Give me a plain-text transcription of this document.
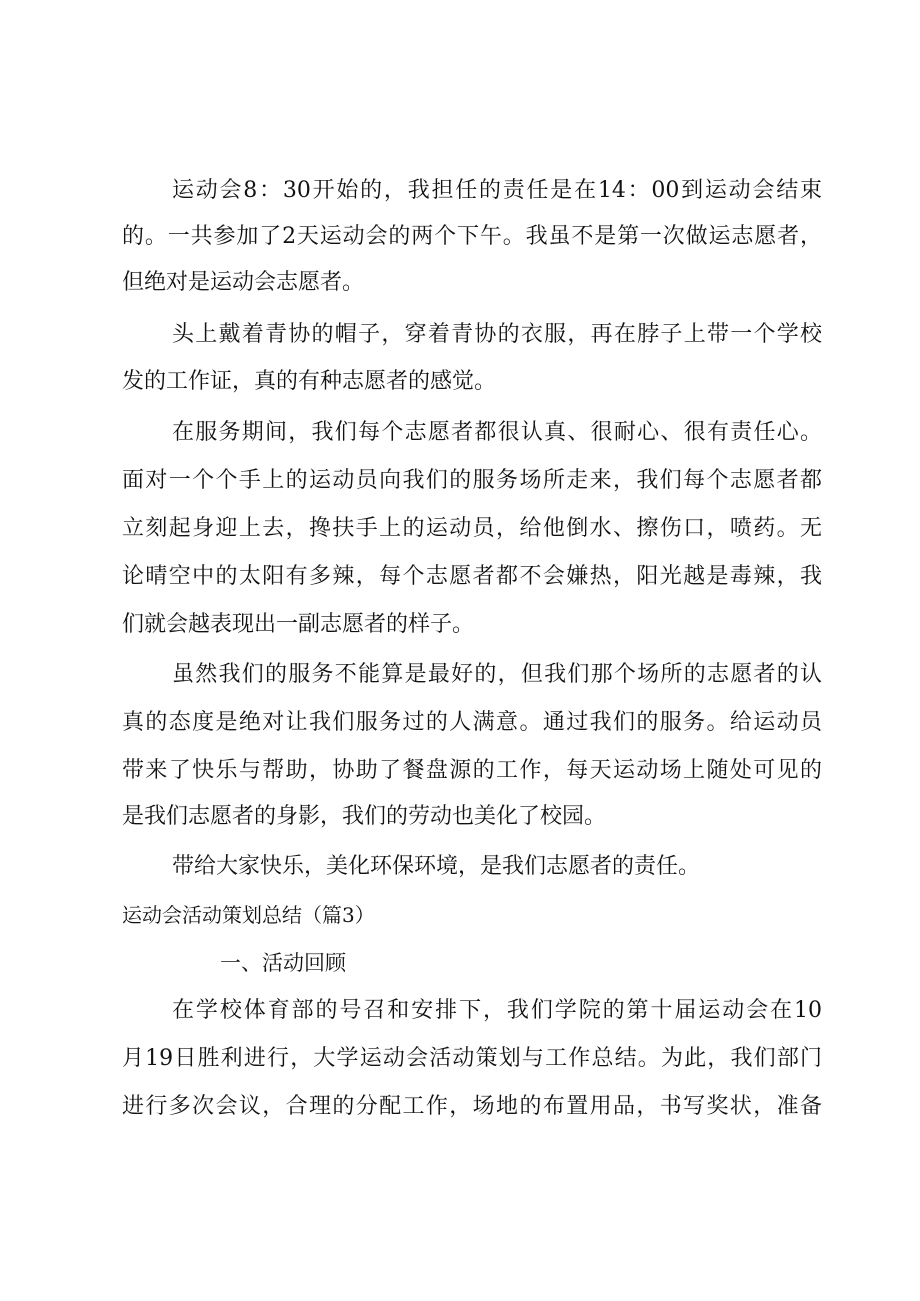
运动会8：30开始的，我担任的责任是在14：00到运动会结束
的。一共参加了2天运动会的两个下午。我虽不是第一次做运志愿者，
但绝对是运动会志愿者。
头上戴着青协的帽子，穿着青协的衣服，再在脖子上带一个学校
发的工作证，真的有种志愿者的感觉。
在服务期间，我们每个志愿者都很认真、很耐心、很有责任心。
面对一个个手上的运动员向我们的服务场所走来，我们每个志愿者都
立刻起身迎上去，搀扶手上的运动员，给他倒水、擦伤口，喷药。无
论晴空中的太阳有多辣，每个志愿者都不会嫌热，阳光越是毒辣，我
们就会越表现出一副志愿者的样子。
虽然我们的服务不能算是最好的，但我们那个场所的志愿者的认
真的态度是绝对让我们服务过的人满意。通过我们的服务。给运动员
带来了快乐与帮助，协助了餐盘源的工作，每天运动场上随处可见的
是我们志愿者的身影，我们的劳动也美化了校园。
带给大家快乐，美化环保环境，是我们志愿者的责任。
运动会活动策划总结（篇3）
一、活动回顾
在学校体育部的号召和安排下，我们学院的第十届运动会在10
月19日胜利进行，大学运动会活动策划与工作总结。为此，我们部门
进行多次会议，合理的分配工作，场地的布置用品，书写奖状，准备
